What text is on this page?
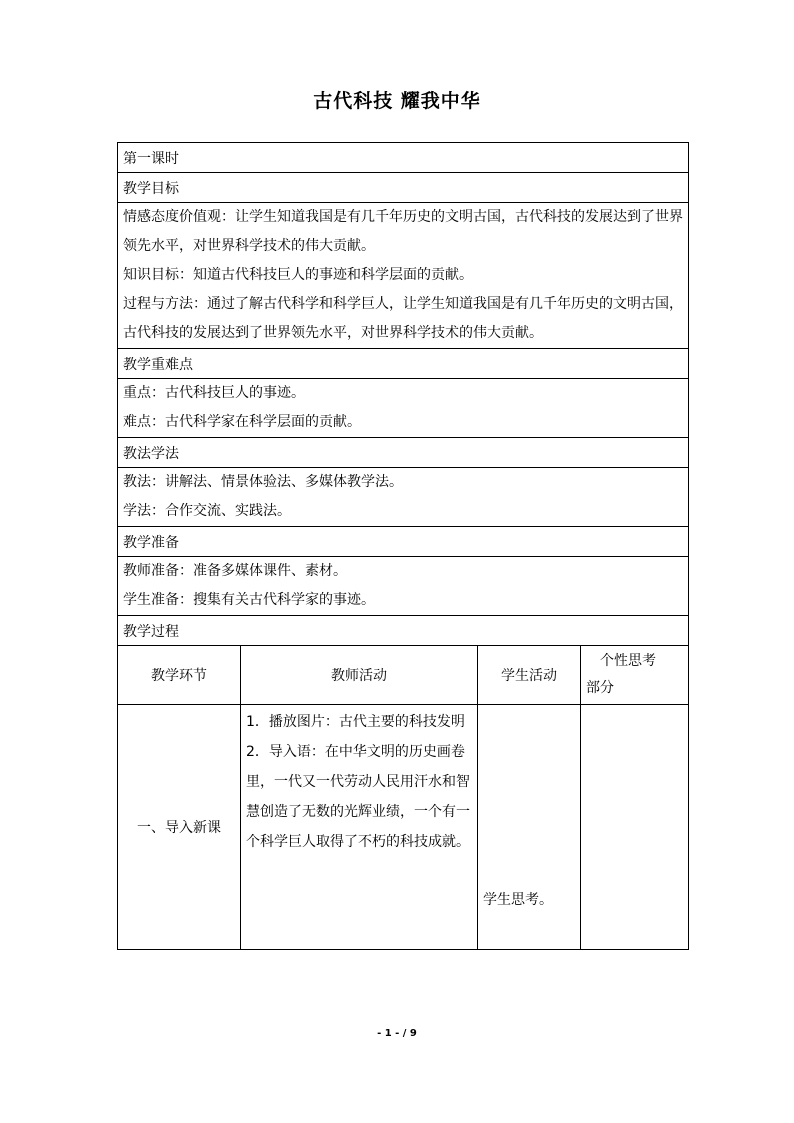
古代科技 耀我中华
第一课时			
教学目标			

情感态度价值观：让学生知道我国是有几千年历史的文明古国，古代科技的发展达到了世界领先水平，对世界科学技术的伟大贡献。
知识目标：知道古代科技巨人的事迹和科学层面的贡献。
过程与方法：通过了解古代科学和科学巨人，让学生知道我国是有几千年历史的文明古国，古代科技的发展达到了世界领先水平，对世界科学技术的伟大贡献。			

教学重难点			

重点：古代科技巨人的事迹。
难点：古代科学家在科学层面的贡献。			

教法学法			

教法：讲解法、情景体验法、多媒体教学法。
学法：合作交流、实践法。			

教学准备			

教师准备：准备多媒体课件、素材。
学生准备：搜集有关古代科学家的事迹。			

教学过程			
教学环节	教师活动	学生活动	个性思考
部分

一、导入新课	1．播放图片：古代主要的科技发明
2．导入语：在中华文明的历史画卷里，一代又一代劳动人民用汗水和智慧创造了无数的光辉业绩，一个有一个科学巨人取得了不朽的科技成就。	学生思考。	
- 1 - / 9
